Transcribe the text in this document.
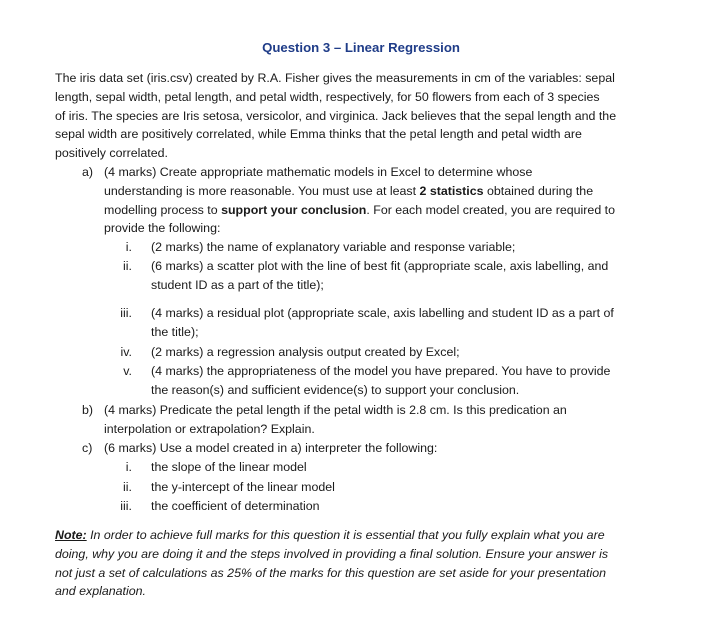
Question 3 – Linear Regression
The iris data set (iris.csv) created by R.A. Fisher gives the measurements in cm of the variables: sepal
length, sepal width, petal length, and petal width, respectively, for 50 flowers from each of 3 species
of iris. The species are Iris setosa, versicolor, and virginica. Jack believes that the sepal length and the
sepal width are positively correlated, while Emma thinks that the petal length and petal width are
positively correlated.
a) (4 marks) Create appropriate mathematic models in Excel to determine whose
understanding is more reasonable. You must use at least 2 statistics obtained during the
modelling process to support your conclusion. For each model created, you are required to
provide the following:
i. (2 marks) the name of explanatory variable and response variable;
ii. (6 marks) a scatter plot with the line of best fit (appropriate scale, axis labelling, and
student ID as a part of the title);
iii. (4 marks) a residual plot (appropriate scale, axis labelling and student ID as a part of
the title);
iv. (2 marks) a regression analysis output created by Excel;
v. (4 marks) the appropriateness of the model you have prepared. You have to provide
the reason(s) and sufficient evidence(s) to support your conclusion.
b) (4 marks) Predicate the petal length if the petal width is 2.8 cm. Is this predication an
interpolation or extrapolation? Explain.
c) (6 marks) Use a model created in a) interpreter the following:
i. the slope of the linear model
ii. the y-intercept of the linear model
iii. the coefficient of determination
Note: In order to achieve full marks for this question it is essential that you fully explain what you are
doing, why you are doing it and the steps involved in providing a final solution. Ensure your answer is
not just a set of calculations as 25% of the marks for this question are set aside for your presentation
and explanation.
